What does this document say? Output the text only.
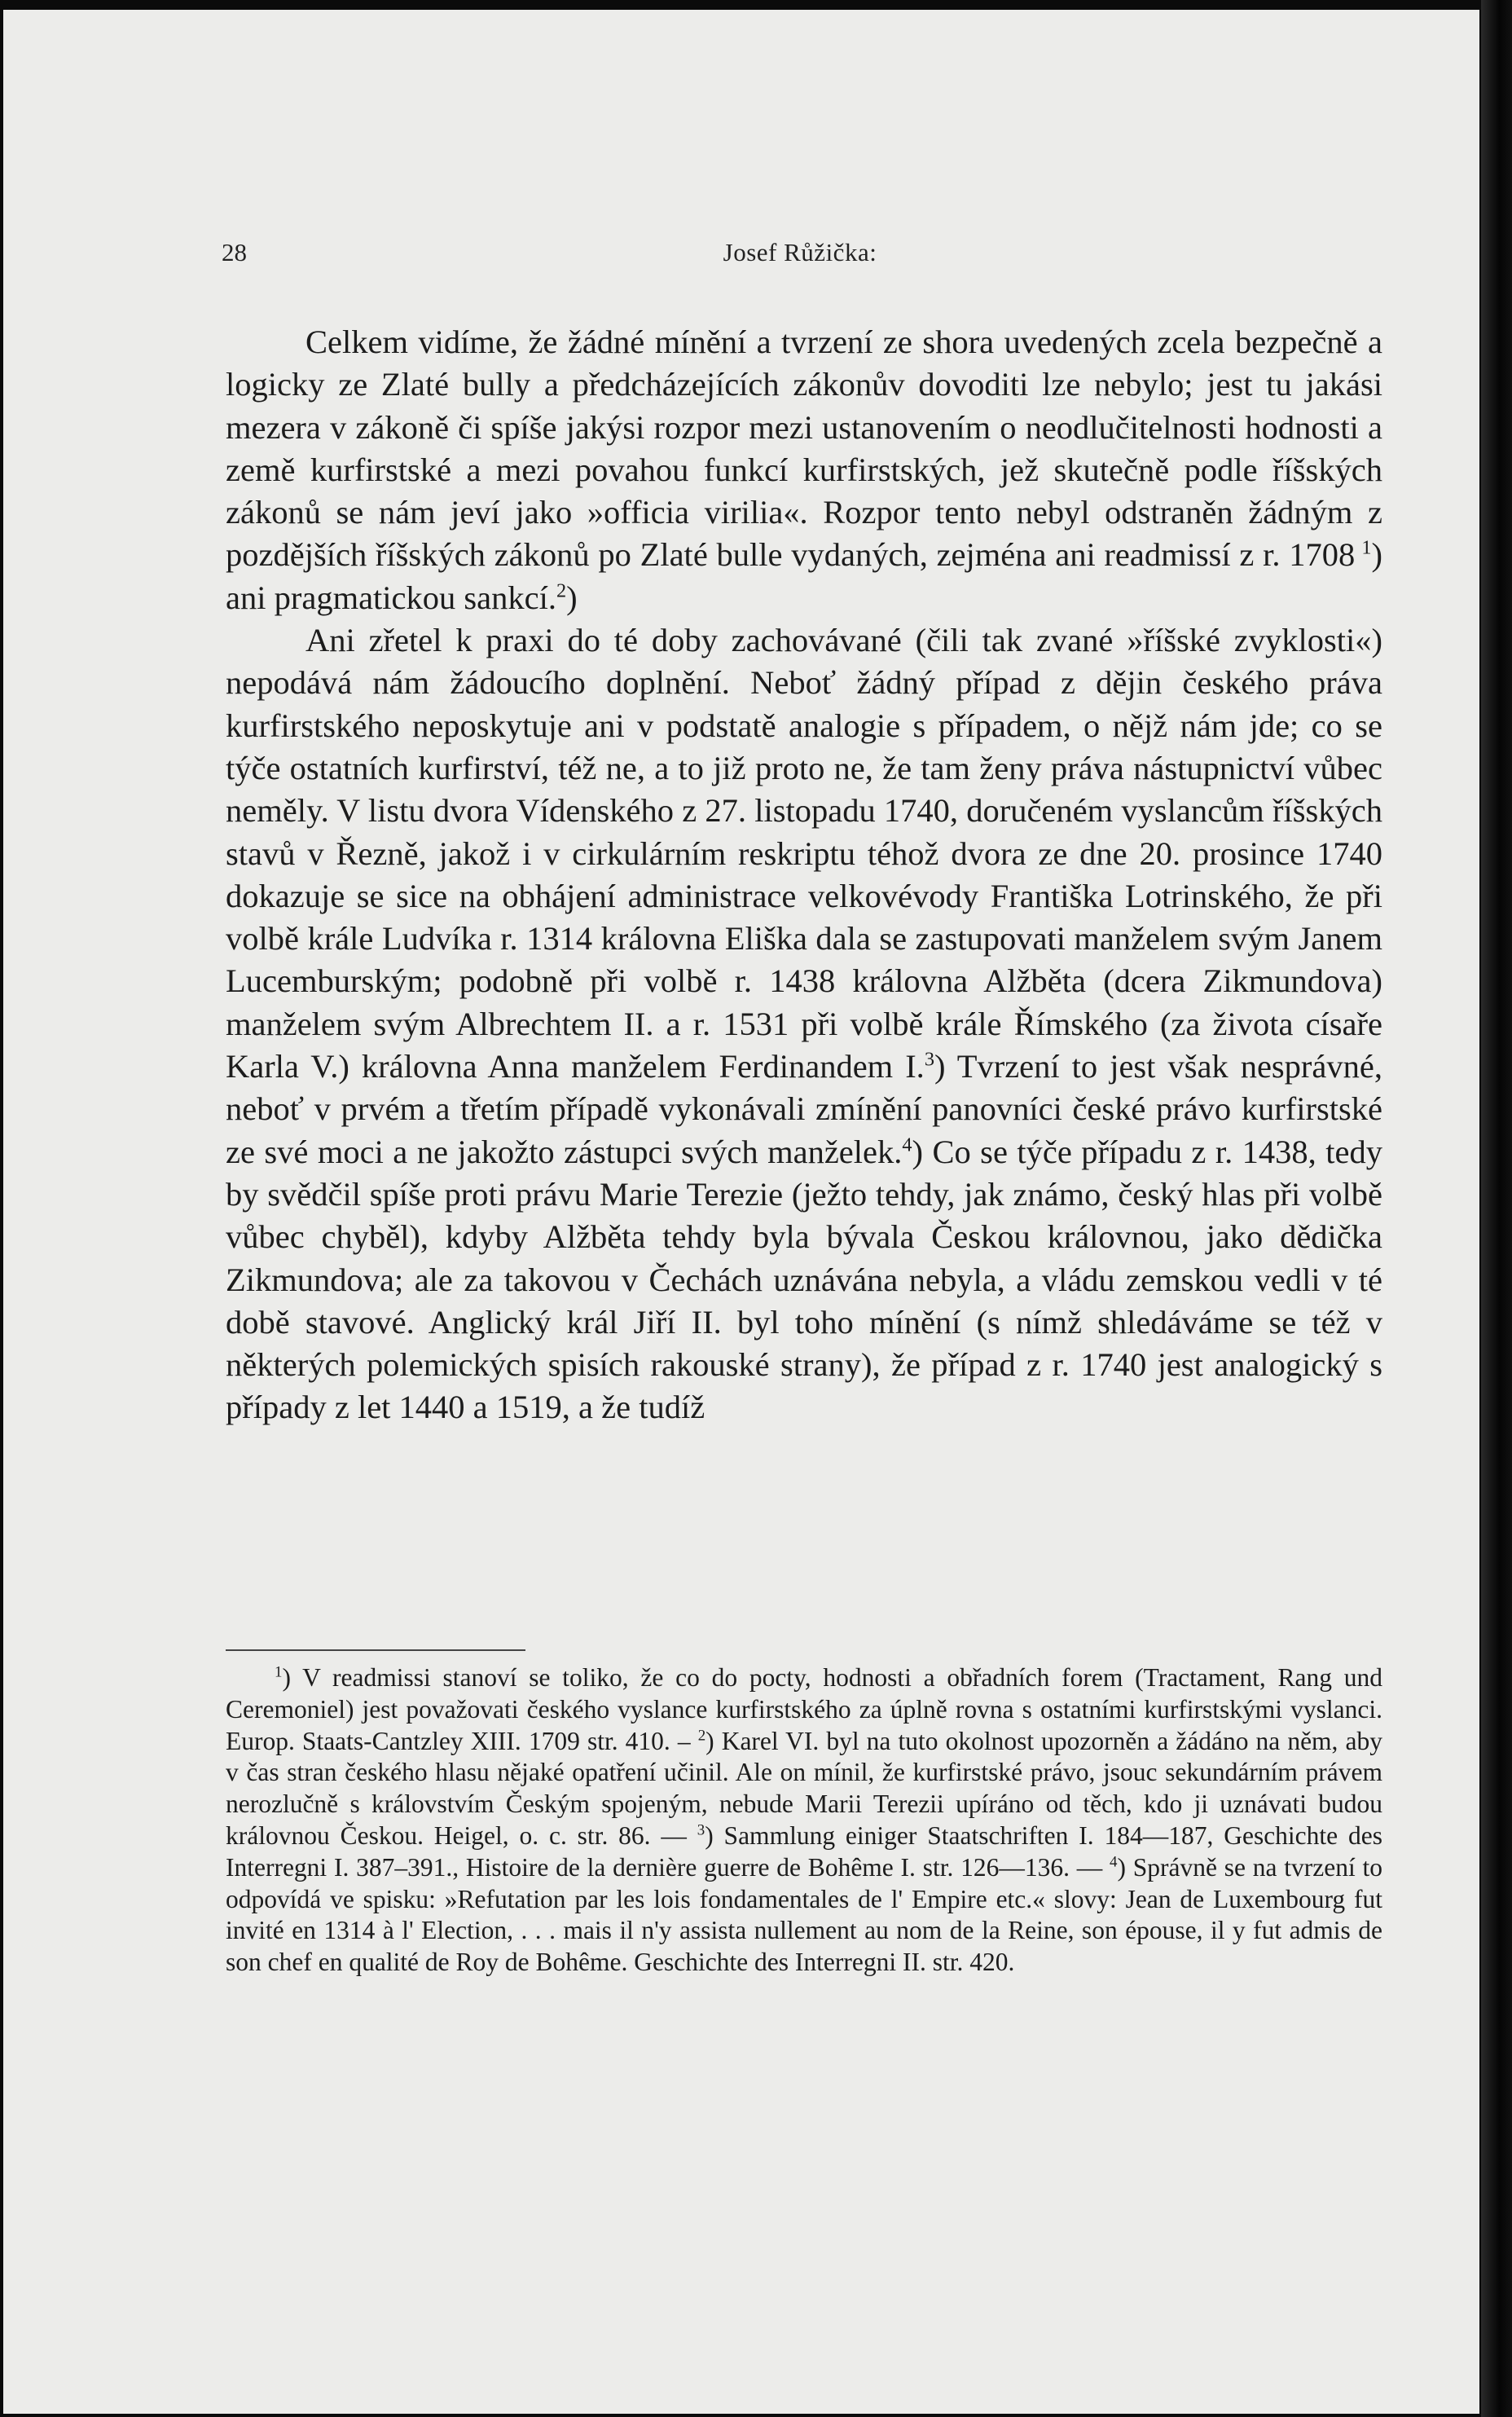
28	Josef Růžička:

Celkem vidíme, že žádné mínění a tvrzení ze shora uvedených zcela bezpečně a logicky ze Zlaté bully a předcházejících zákonův dovoditi lze nebylo; jest tu jakási mezera v zákoně či spíše jakýsi rozpor mezi ustanovením o neodlučitelnosti hodnosti a země kurfirstské a mezi povahou funkcí kurfirstských, jež skutečně podle říšských zákonů se nám jeví jako »officia virilia«. Rozpor tento nebyl odstraněn žádným z pozdějších říšských zákonů po Zlaté bulle vydaných, zejména ani readmissí z r. 1708  $^1$) ani pragmatickou sankcí.$^2$)

Ani zřetel k praxi do té doby zachovávané (čili tak zvané »říšské zvyklosti«) nepodává nám žádoucího doplnění. Neboť žádný případ z dějin českého práva kurfirstského neposkytuje ani v podstatě analogie s případem, o nějž nám jde; co se týče ostatních kurfirství, též ne, a to již proto ne, že tam ženy práva nástupnictví vůbec neměly. V listu dvora Vídenského z 27. listopadu 1740, doručeném vyslancům říšských stavů v Řezně, jakož i v cirkulárním reskriptu téhož dvora ze dne 20. prosince 1740 dokazuje se sice na obhájení administrace velkovévody Františka Lotrinského, že při volbě krále Ludvíka r. 1314 královna Eliška dala se zastupovati manželem svým Janem Lucemburským; podobně při volbě r. 1438 královna Alžběta (dcera Zikmundova) manželem svým Albrechtem II. a r. 1531 při volbě krále Římského (za života císaře Karla V.) královna Anna manželem Ferdinandem I.$^3$) Tvrzení to jest však nesprávné, neboť v prvém a třetím případě vykonávali zmínění panovníci české právo kurfirstské ze své moci a ne jakožto zástupci svých manželek.$^4$) Co se týče případu z r. 1438, tedy by svědčil spíše proti právu Marie Terezie (ježto tehdy, jak známo, český hlas při volbě vůbec chyběl), kdyby Alžběta tehdy byla bývala Českou královnou, jako dědička Zikmundova; ale za takovou v Čechách uznávána nebyla, a vládu zemskou vedli v té době stavové. Anglický král Jiří II. byl toho mínění (s nímž shledáváme se též v některých polemických spisích rakouské strany), že případ z r. 1740 jest analogický s případy z let 1440 a 1519, a že tudíž

$^1$) V readmissi stanoví se toliko, že co do pocty, hodnosti a obřadních forem (Tractament, Rang und Ceremoniel) jest považovati českého vyslance kurfirstského za úplně rovna s ostatními kurfirstskými vyslanci. Europ. Staats-Cantzley XIII. 1709 str. 410. – $^2$) Karel VI. byl na tuto okolnost upozorněn a žádáno na něm, aby v čas stran českého hlasu nějaké opatření učinil. Ale on mínil, že kurfirstské právo, jsouc sekundárním právem nerozlučně s královstvím Českým spojeným, nebude Marii Terezii upíráno od těch, kdo ji uznávati budou královnou Českou. Heigel, o. c. str. 86. — $^3$) Sammlung einiger Staatschriften I. 184—187, Geschichte des Interregni I. 387–391., Histoire de la dernière guerre de Bohême I. str. 126—136. — $^4$) Správně se na tvrzení to odpovídá ve spisku: »Refutation par les lois fondamentales de l' Empire etc.« slovy: Jean de Luxembourg fut invité en 1314 à l' Election, . . . mais il n'y assista nullement au nom de la Reine, son épouse, il y fut admis de son chef en qualité de Roy de Bohême. Geschichte des Interregni II. str. 420.
